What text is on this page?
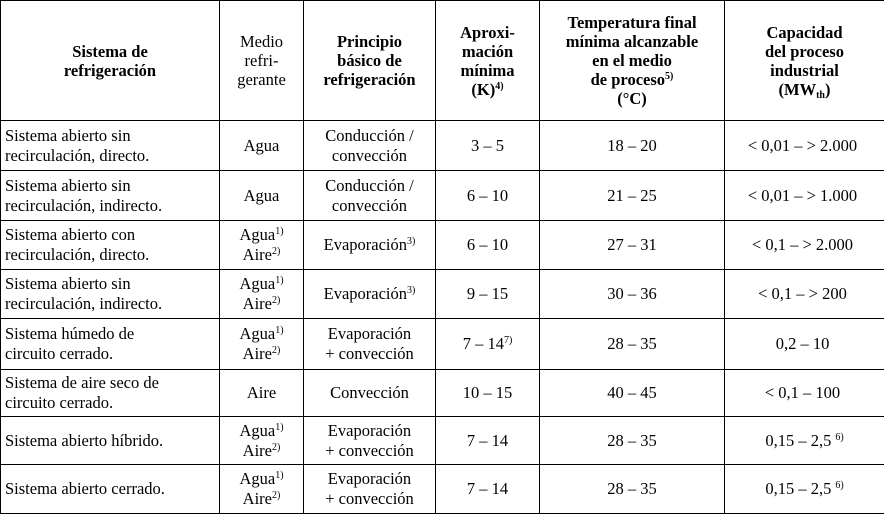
Sistema de
refrigeración	Medio
refri-
gerante	Principio
básico de
refrigeración	Aproxi-
mación
mínima
$(K)^{4)}$	Temperatura final
mínima alcanzable
en el medio
de proceso$^{5)}$
(°C)	Capacidad
del proceso
industrial
$(MW_{th})$

Sistema abierto sin
recirculación, directo.	Agua	Conducción /
convección	3 – 5	18 – 20	< 0,01 – > 2.000

Sistema abierto sin
recirculación, indirecto.	Agua	Conducción /
convección	6 – 10	21 – 25	< 0,01 – > 1.000

Sistema abierto con
recirculación, directo.	Agua$^{1)}$
Aire$^{2)}$	Evaporación$^{3)}$	6 – 10	27 – 31	< 0,1 – > 2.000

Sistema abierto sin
recirculación, indirecto.	Agua$^{1)}$
Aire$^{2)}$	Evaporación$^{3)}$	9 – 15	30 – 36	< 0,1 – > 200

Sistema húmedo de
circuito cerrado.	Agua$^{1)}$
Aire$^{2)}$	Evaporación
+ convección	7 – 14$^{7)}$	28 – 35	0,2 – 10

Sistema de aire seco de
circuito cerrado.	Aire	Convección	10 – 15	40 – 45	< 0,1 – 100

Sistema abierto híbrido.	Agua$^{1)}$
Aire$^{2)}$	Evaporación
+ convección	7 – 14	28 – 35	0,15 – 2,5 $^{6)}$

Sistema abierto cerrado.	Agua$^{1)}$
Aire$^{2)}$	Evaporación
+ convección	7 – 14	28 – 35	0,15 – 2,5 $^{6)}$
